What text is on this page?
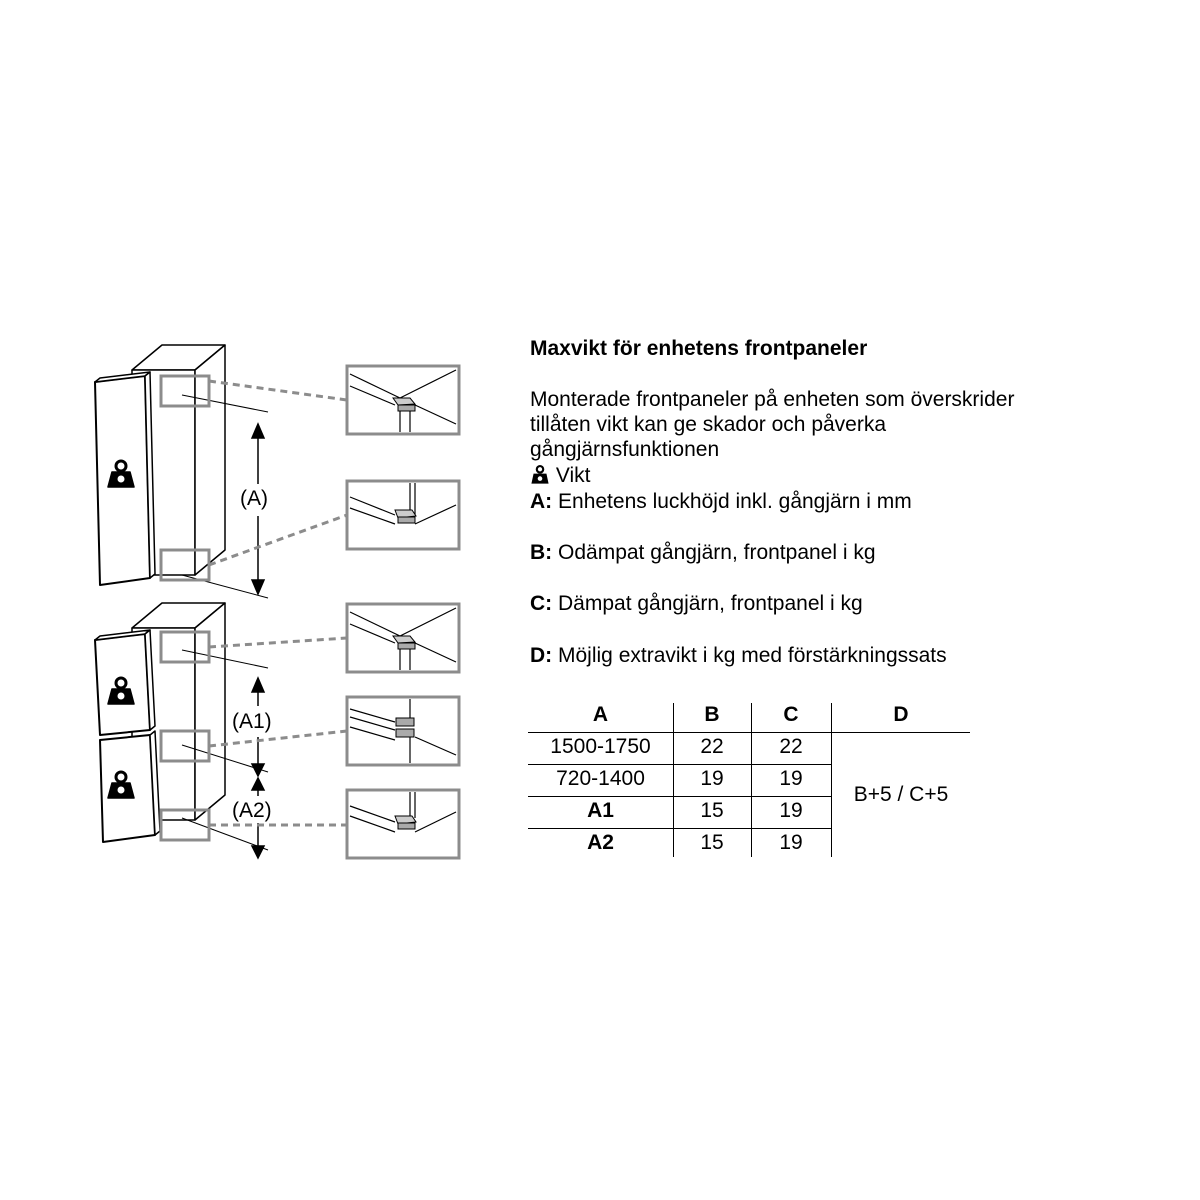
(A)
(A1)
(A2)
Maxvikt för enhetens frontpaneler
Monterade frontpaneler på enheten som överskrider
tillåten vikt kan ge skador och påverka
gångjärnsfunktionen
Vikt
A: Enhetens luckhöjd inkl. gångjärn i mm
B: Odämpat gångjärn, frontpanel i kg
C: Dämpat gångjärn, frontpanel i kg
D: Möjlig extravikt i kg med förstärkningssats
A	B	C	D
1500-1750	22	22
720-1400	19	19
A1	15	19
A2	15	19
B+5 / C+5
